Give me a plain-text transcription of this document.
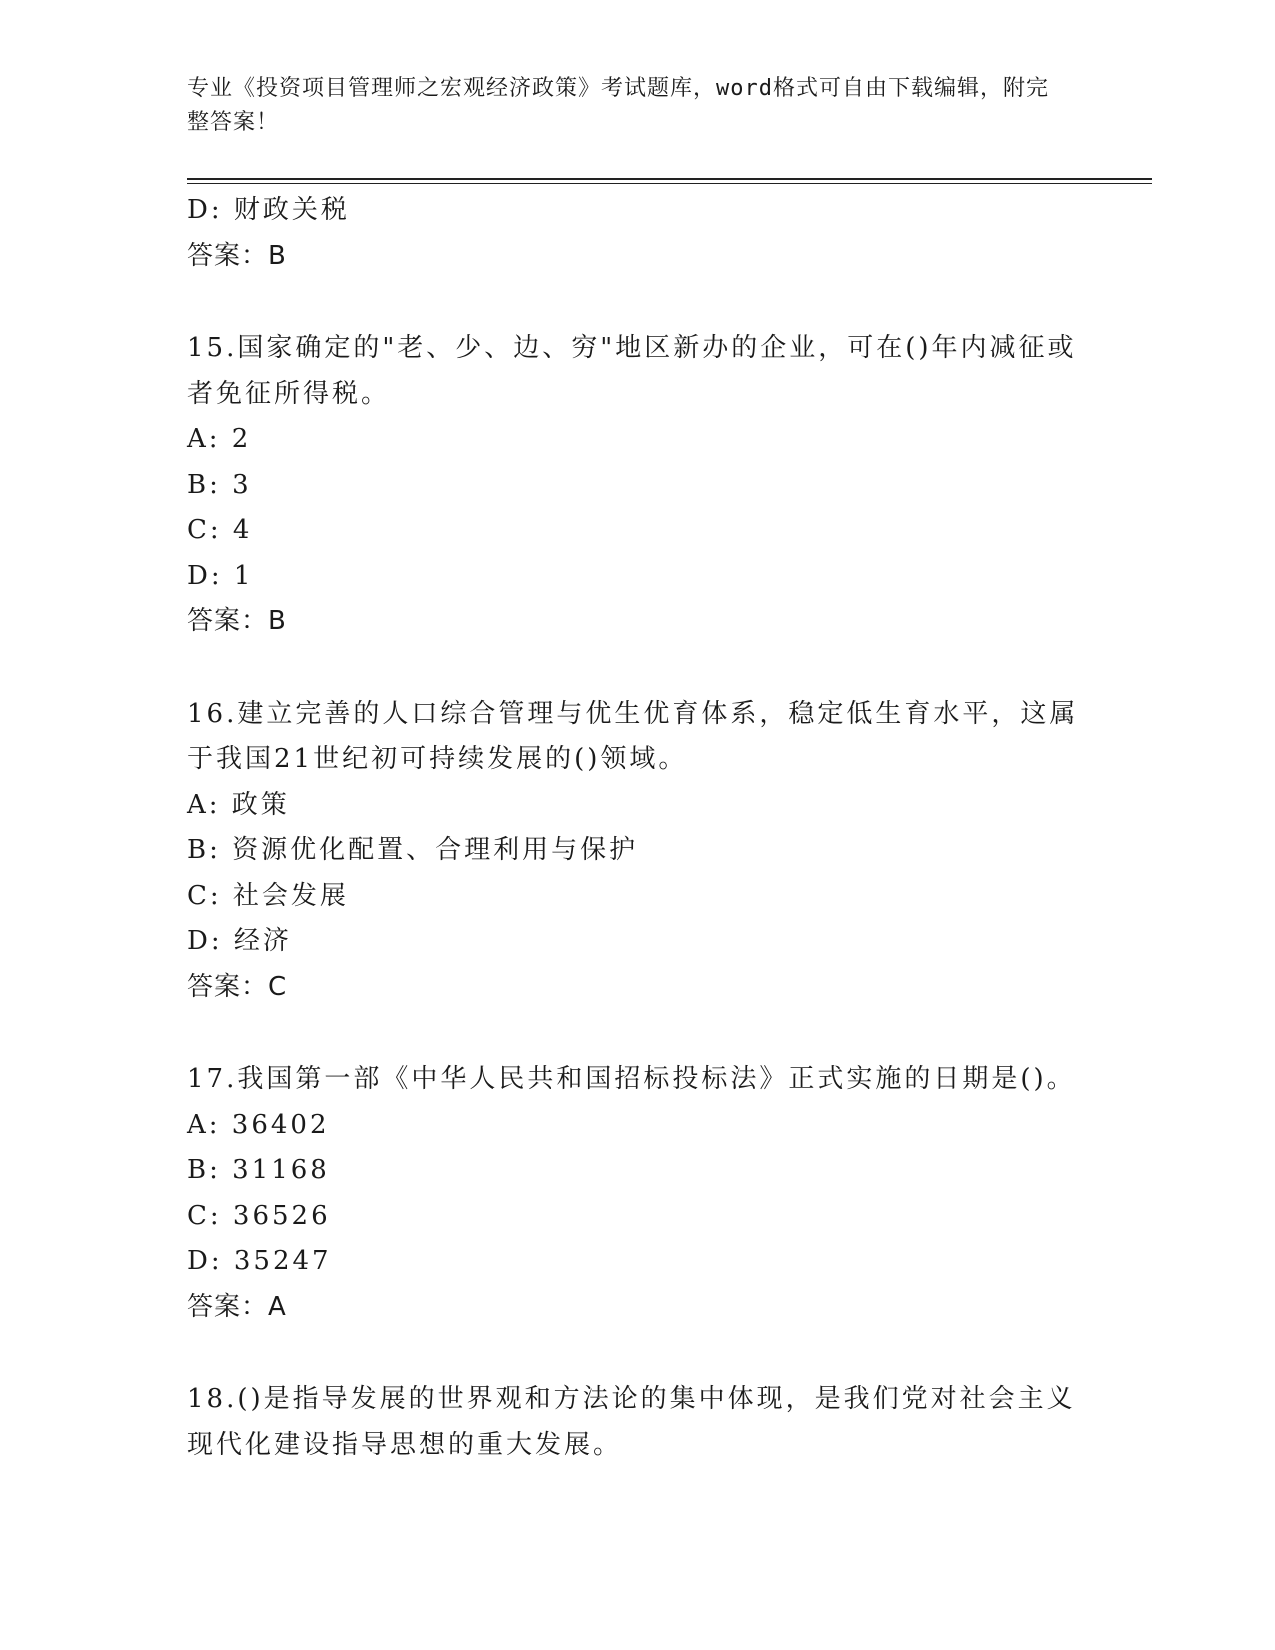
专业《投资项目管理师之宏观经济政策》考试题库，word格式可自由下载编辑，附完整答案！
D: 财政关税
答案：B
15.国家确定的"老、少、边、穷"地区新办的企业，可在()年内减征或
者免征所得税。
A: 2
B: 3
C: 4
D: 1
答案：B
16.建立完善的人口综合管理与优生优育体系，稳定低生育水平，这属
于我国21世纪初可持续发展的()领域。
A: 政策
B: 资源优化配置、合理利用与保护
C: 社会发展
D: 经济
答案：C
17.我国第一部《中华人民共和国招标投标法》正式实施的日期是()。
A: 36402
B: 31168
C: 36526
D: 35247
答案：A
18.()是指导发展的世界观和方法论的集中体现，是我们党对社会主义
现代化建设指导思想的重大发展。
